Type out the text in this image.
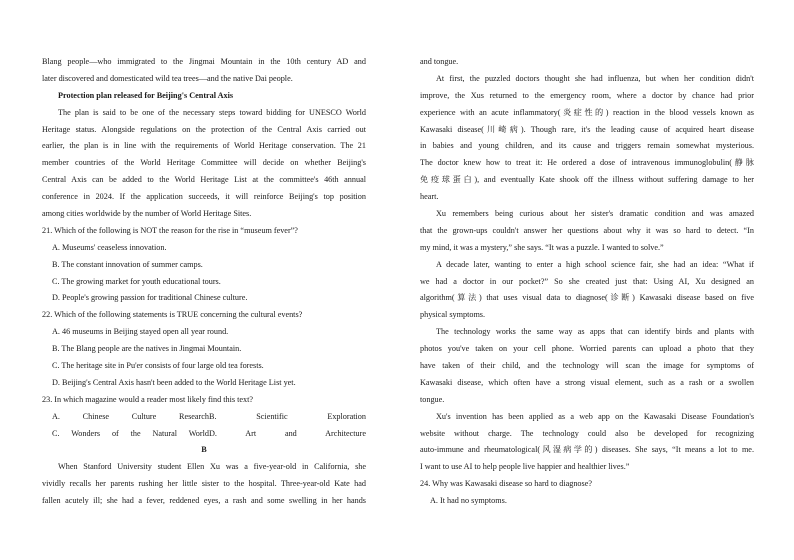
Blang people—who immigrated to the Jingmai Mountain in the 10th century AD and
later discovered and domesticated wild tea trees—and the native Dai people.
Protection plan released for Beijing's Central Axis
The plan is said to be one of the necessary steps toward bidding for UNESCO World
Heritage status. Alongside regulations on the protection of the Central Axis carried out
earlier, the plan is in line with the requirements of World Heritage conservation. The 21
member countries of the World Heritage Committee will decide on whether Beijing's
Central Axis can be added to the World Heritage List at the committee's 46th annual
conference in 2024. If the application succeeds, it will reinforce Beijing's top position
among cities worldwide by the number of World Heritage Sites.
21. Which of the following is NOT the reason for the rise in “museum fever”?
A. Museums' ceaseless innovation.
B. The constant innovation of summer camps.
C. The growing market for youth educational tours.
D. People's growing passion for traditional Chinese culture.
22. Which of the following statements is TRUE concerning the cultural events?
A. 46 museums in Beijing stayed open all year round.
B. The Blang people are the natives in Jingmai Mountain.
C. The heritage site in Pu'er consists of four large old tea forests.
D. Beijing's Central Axis hasn't been added to the World Heritage List yet.
23. In which magazine would a reader most likely find this text?
A. Chinese Culture Research B. Scientific Exploration
C. Wonders of the Natural World D. Art and Architecture
B
When Stanford University student Ellen Xu was a five-year-old in California, she
vividly recalls her parents rushing her little sister to the hospital. Three-year-old Kate had
fallen acutely ill; she had a fever, reddened eyes, a rash and some swelling in her hands
and tongue.
At first, the puzzled doctors thought she had influenza, but when her condition didn't
improve, the Xus returned to the emergency room, where a doctor by chance had prior
experience with an acute inflammatory(炎症性的) reaction in the blood vessels known as
Kawasaki disease(川崎病). Though rare, it's the leading cause of acquired heart disease
in babies and young children, and its cause and triggers remain somewhat mysterious.
The doctor knew how to treat it: He ordered a dose of intravenous immunoglobulin(静脉
免疫球蛋白), and eventually Kate shook off the illness without suffering damage to her
heart.
Xu remembers being curious about her sister's dramatic condition and was amazed
that the grown-ups couldn't answer her questions about why it was so hard to detect. “In
my mind, it was a mystery,” she says. “It was a puzzle. I wanted to solve.”
A decade later, wanting to enter a high school science fair, she had an idea: “What if
we had a doctor in our pocket?” So she created just that: Using AI, Xu designed an
algorithm(算法) that uses visual data to diagnose(诊断) Kawasaki disease based on five
physical symptoms.
The technology works the same way as apps that can identify birds and plants with
photos you've taken on your cell phone. Worried parents can upload a photo that they
have taken of their child, and the technology will scan the image for symptoms of
Kawasaki disease, which often have a strong visual element, such as a rash or a swollen
tongue.
Xu's invention has been applied as a web app on the Kawasaki Disease Foundation's
website without charge. The technology could also be developed for recognizing
auto-immune and rheumatological(风湿病学的) diseases. She says, “It means a lot to me.
I want to use AI to help people live happier and healthier lives.”
24. Why was Kawasaki disease so hard to diagnose?
A. It had no symptoms.
